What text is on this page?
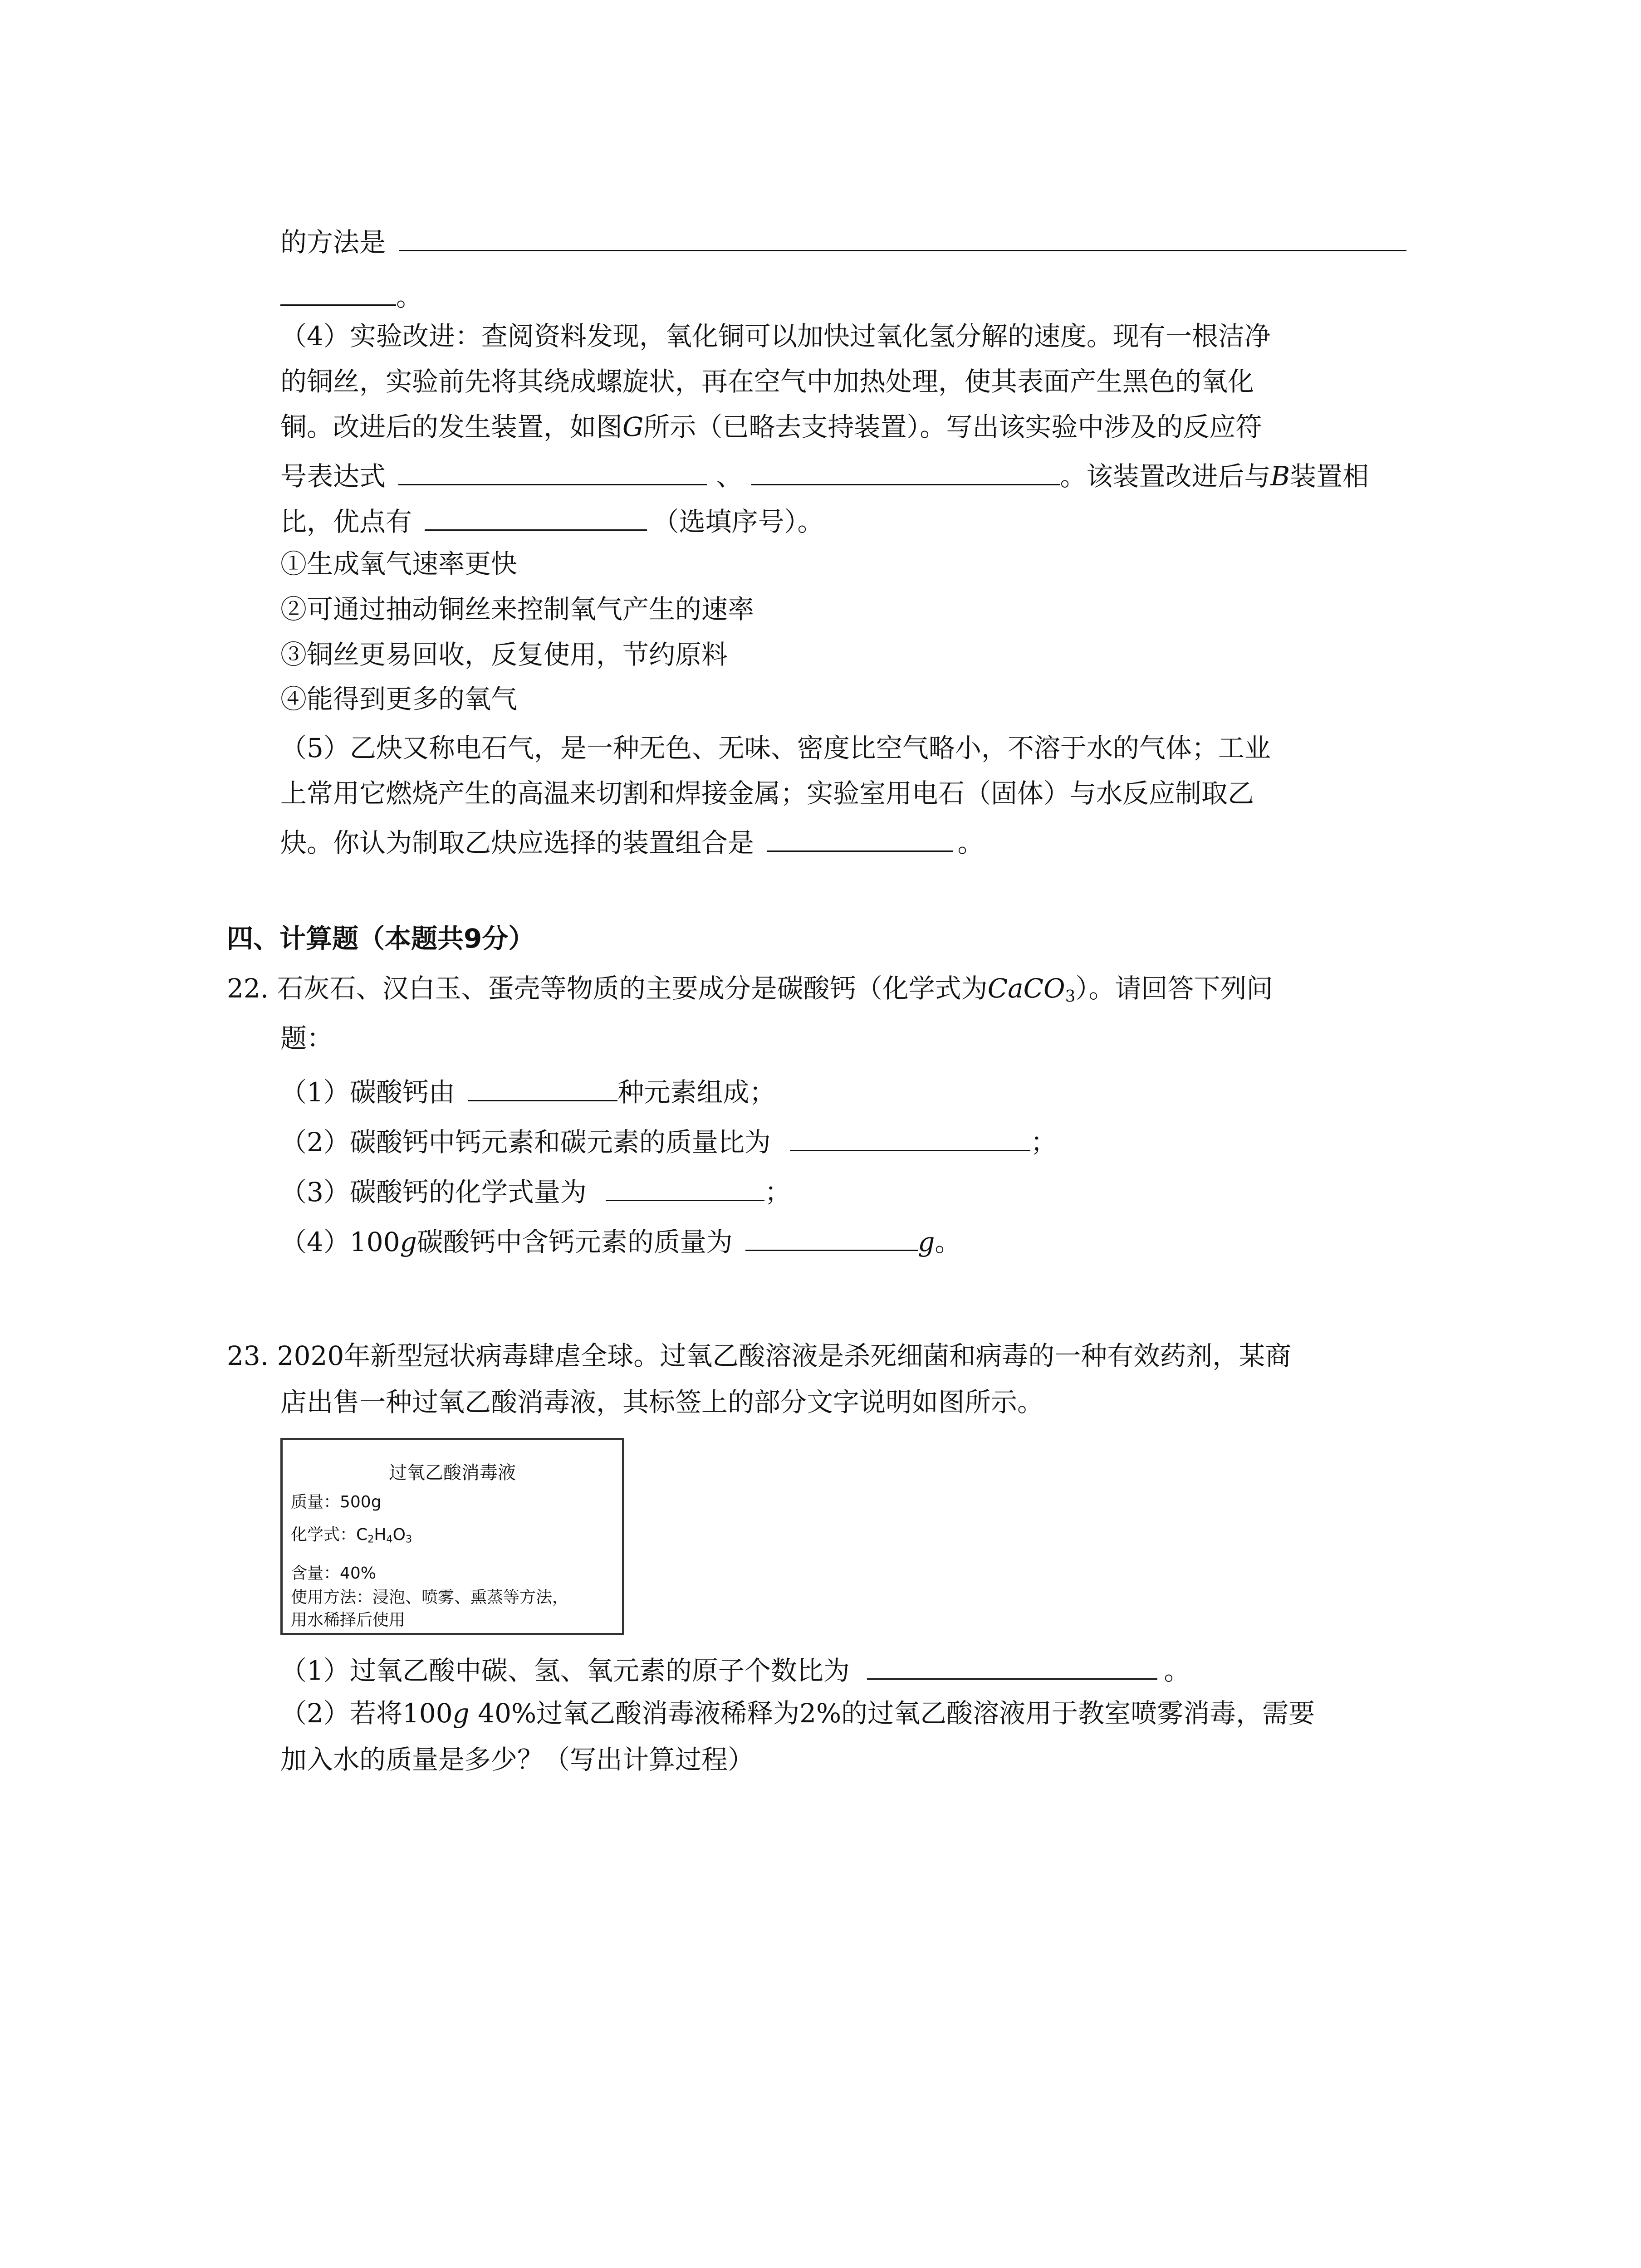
的方法是
。
（4）实验改进：查阅资料发现，氧化铜可以加快过氧化氢分解的速度。现有一根洁净
的铜丝，实验前先将其绕成螺旋状，再在空气中加热处理，使其表面产生黑色的氧化
铜。改进后的发生装置，如图G所示（已略去支持装置）。写出该实验中涉及的反应符
号表达式	、	。该装置改进后与B装置相
比，优点有	（选填序号）。
①生成氧气速率更快
②可通过抽动铜丝来控制氧气产生的速率
③铜丝更易回收，反复使用，节约原料
④能得到更多的氧气
（5）乙炔又称电石气，是一种无色、无味、密度比空气略小，不溶于水的气体；工业
上常用它燃烧产生的高温来切割和焊接金属；实验室用电石（固体）与水反应制取乙
炔。你认为制取乙炔应选择的装置组合是	。
四、计算题（本题共9分）
22. 石灰石、汉白玉、蛋壳等物质的主要成分是碳酸钙（化学式为CaCO$_3$）。请回答下列问
题：
（1）碳酸钙由	种元素组成；
（2）碳酸钙中钙元素和碳元素的质量比为	；
（3）碳酸钙的化学式量为	；
（4）100g碳酸钙中含钙元素的质量为	g。
23. 2020年新型冠状病毒肆虐全球。过氧乙酸溶液是杀死细菌和病毒的一种有效药剂，某商
店出售一种过氧乙酸消毒液，其标签上的部分文字说明如图所示。
过氧乙酸消毒液
质量：500g
化学式：$C_2H_4O_3$
含量：40%
使用方法：浸泡、喷雾、熏蒸等方法，
用水稀择后使用
（1）过氧乙酸中碳、氢、氧元素的原子个数比为	。
（2）若将100g 40%过氧乙酸消毒液稀释为2%的过氧乙酸溶液用于教室喷雾消毒，需要
加入水的质量是多少？（写出计算过程）
